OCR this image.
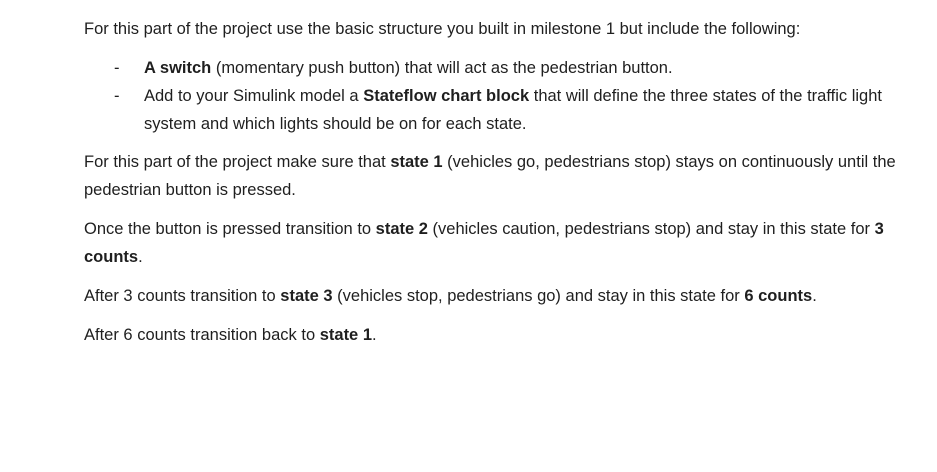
For this part of the project use the basic structure you built in milestone 1 but include the following:

- A switch (momentary push button) that will act as the pedestrian button.
- Add to your Simulink model a Stateflow chart block that will define the three states of the traffic light system and which lights should be on for each state.

For this part of the project make sure that state 1 (vehicles go, pedestrians stop) stays on continuously until the pedestrian button is pressed.

Once the button is pressed transition to state 2 (vehicles caution, pedestrians stop) and stay in this state for 3 counts.

After 3 counts transition to state 3 (vehicles stop, pedestrians go) and stay in this state for 6 counts.

After 6 counts transition back to state 1.
